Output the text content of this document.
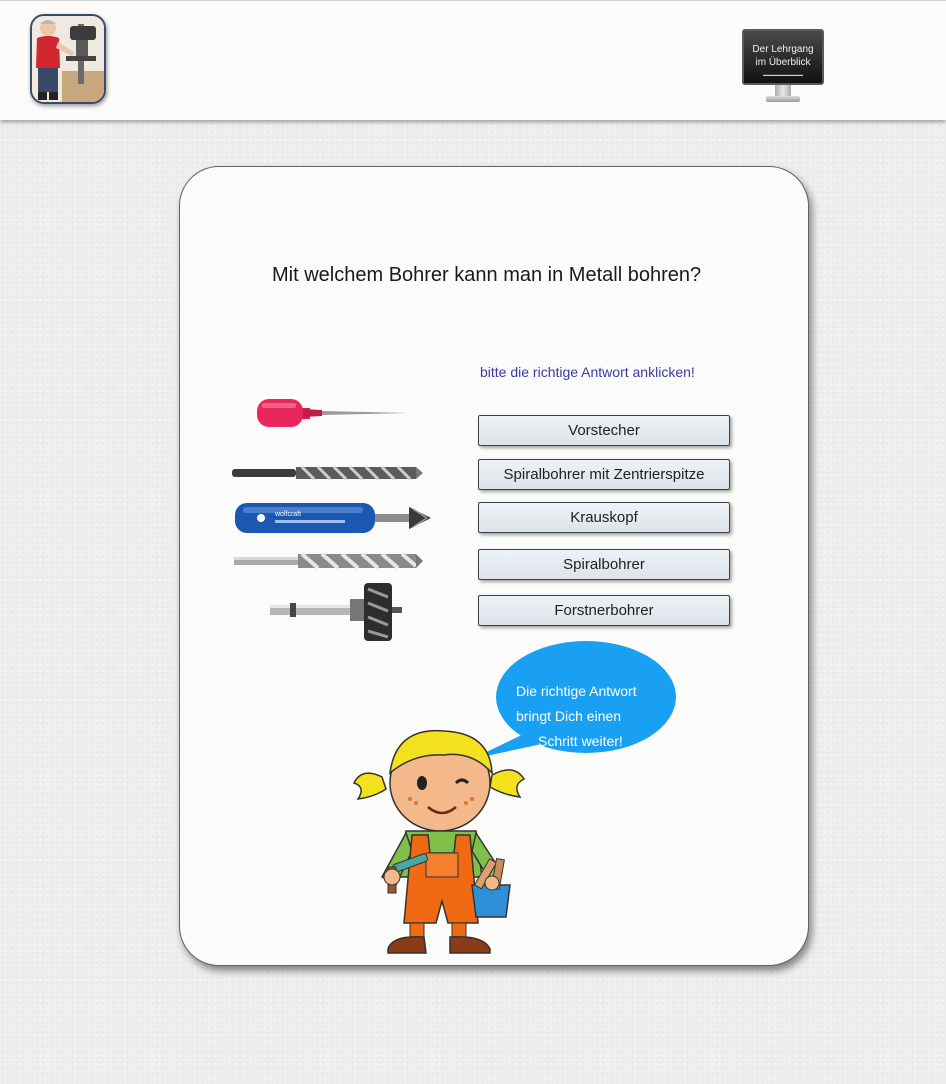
Der Lehrgang
im Überblick
▬▬▬▬▬▬▬▬▬▬
Mit welchem Bohrer kann man in Metall bohren?
bitte die richtige Antwort anklicken!
wolfcraft
Vorstecher
Spiralbohrer mit Zentrierspitze
Krauskopf
Spiralbohrer
Forstnerbohrer
Die richtige Antwort
bringt Dich einen
Schritt weiter!
